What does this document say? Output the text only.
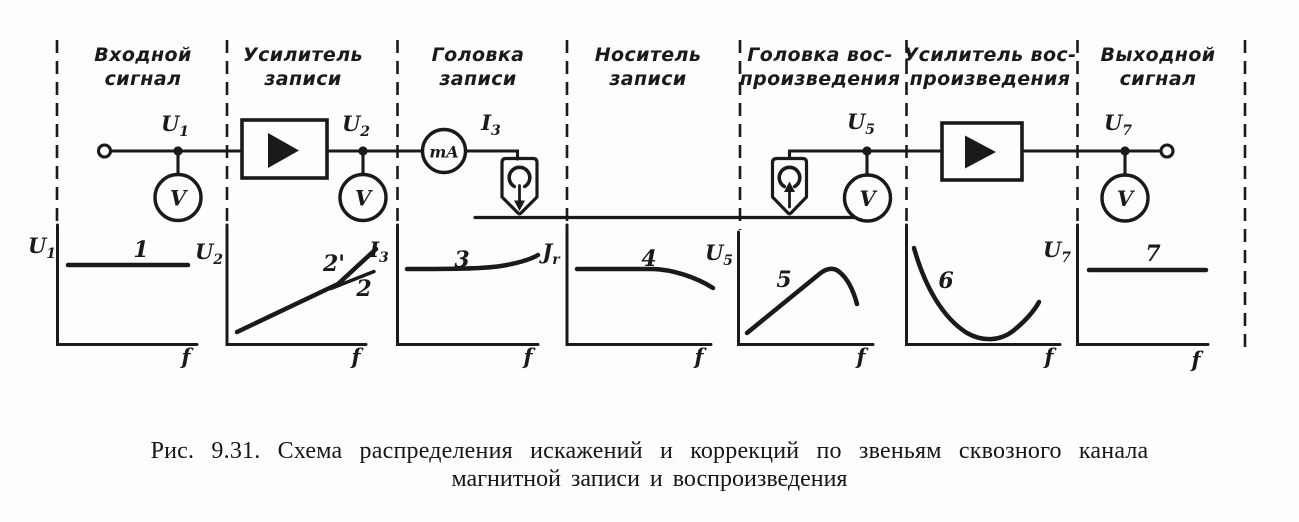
Входной
сигнал
Усилитель
записи
Головка
записи
Носитель
записи
Головка вос-
произведения
Усилитель вос-
произведения
Выходной
сигнал
V	V
mA
V	V
$U_1$	$U_2$	$I_3$	$U_5$	$U_7$
$U_1$	1
f
$U_2$	2'
2
f
$I_3$	3	$J_r$
f
4
f
$U_5$
5
f
6
f
$U_7$	7
f
Рис. 9.31. Схема распределения искажений и коррекций по звеньям сквозного канала
магнитной записи и воспроизведения
